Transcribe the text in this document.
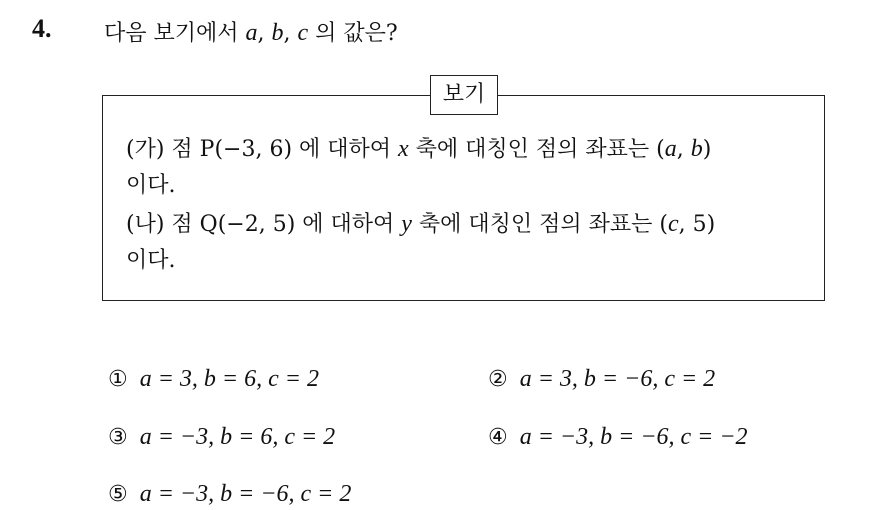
4. 다음 보기에서 a, b, c 의 값은?
보기
(가) 점 P(−3, 6) 에 대하여 x 축에 대칭인 점의 좌표는 (a, b)
이다.
(나) 점 Q(−2, 5) 에 대하여 y 축에 대칭인 점의 좌표는 (c, 5)
이다.
① a = 3, b = 6, c = 2	② a = 3, b = −6, c = 2
③ a = −3, b = 6, c = 2	④ a = −3, b = −6, c = −2
⑤ a = −3, b = −6, c = 2
